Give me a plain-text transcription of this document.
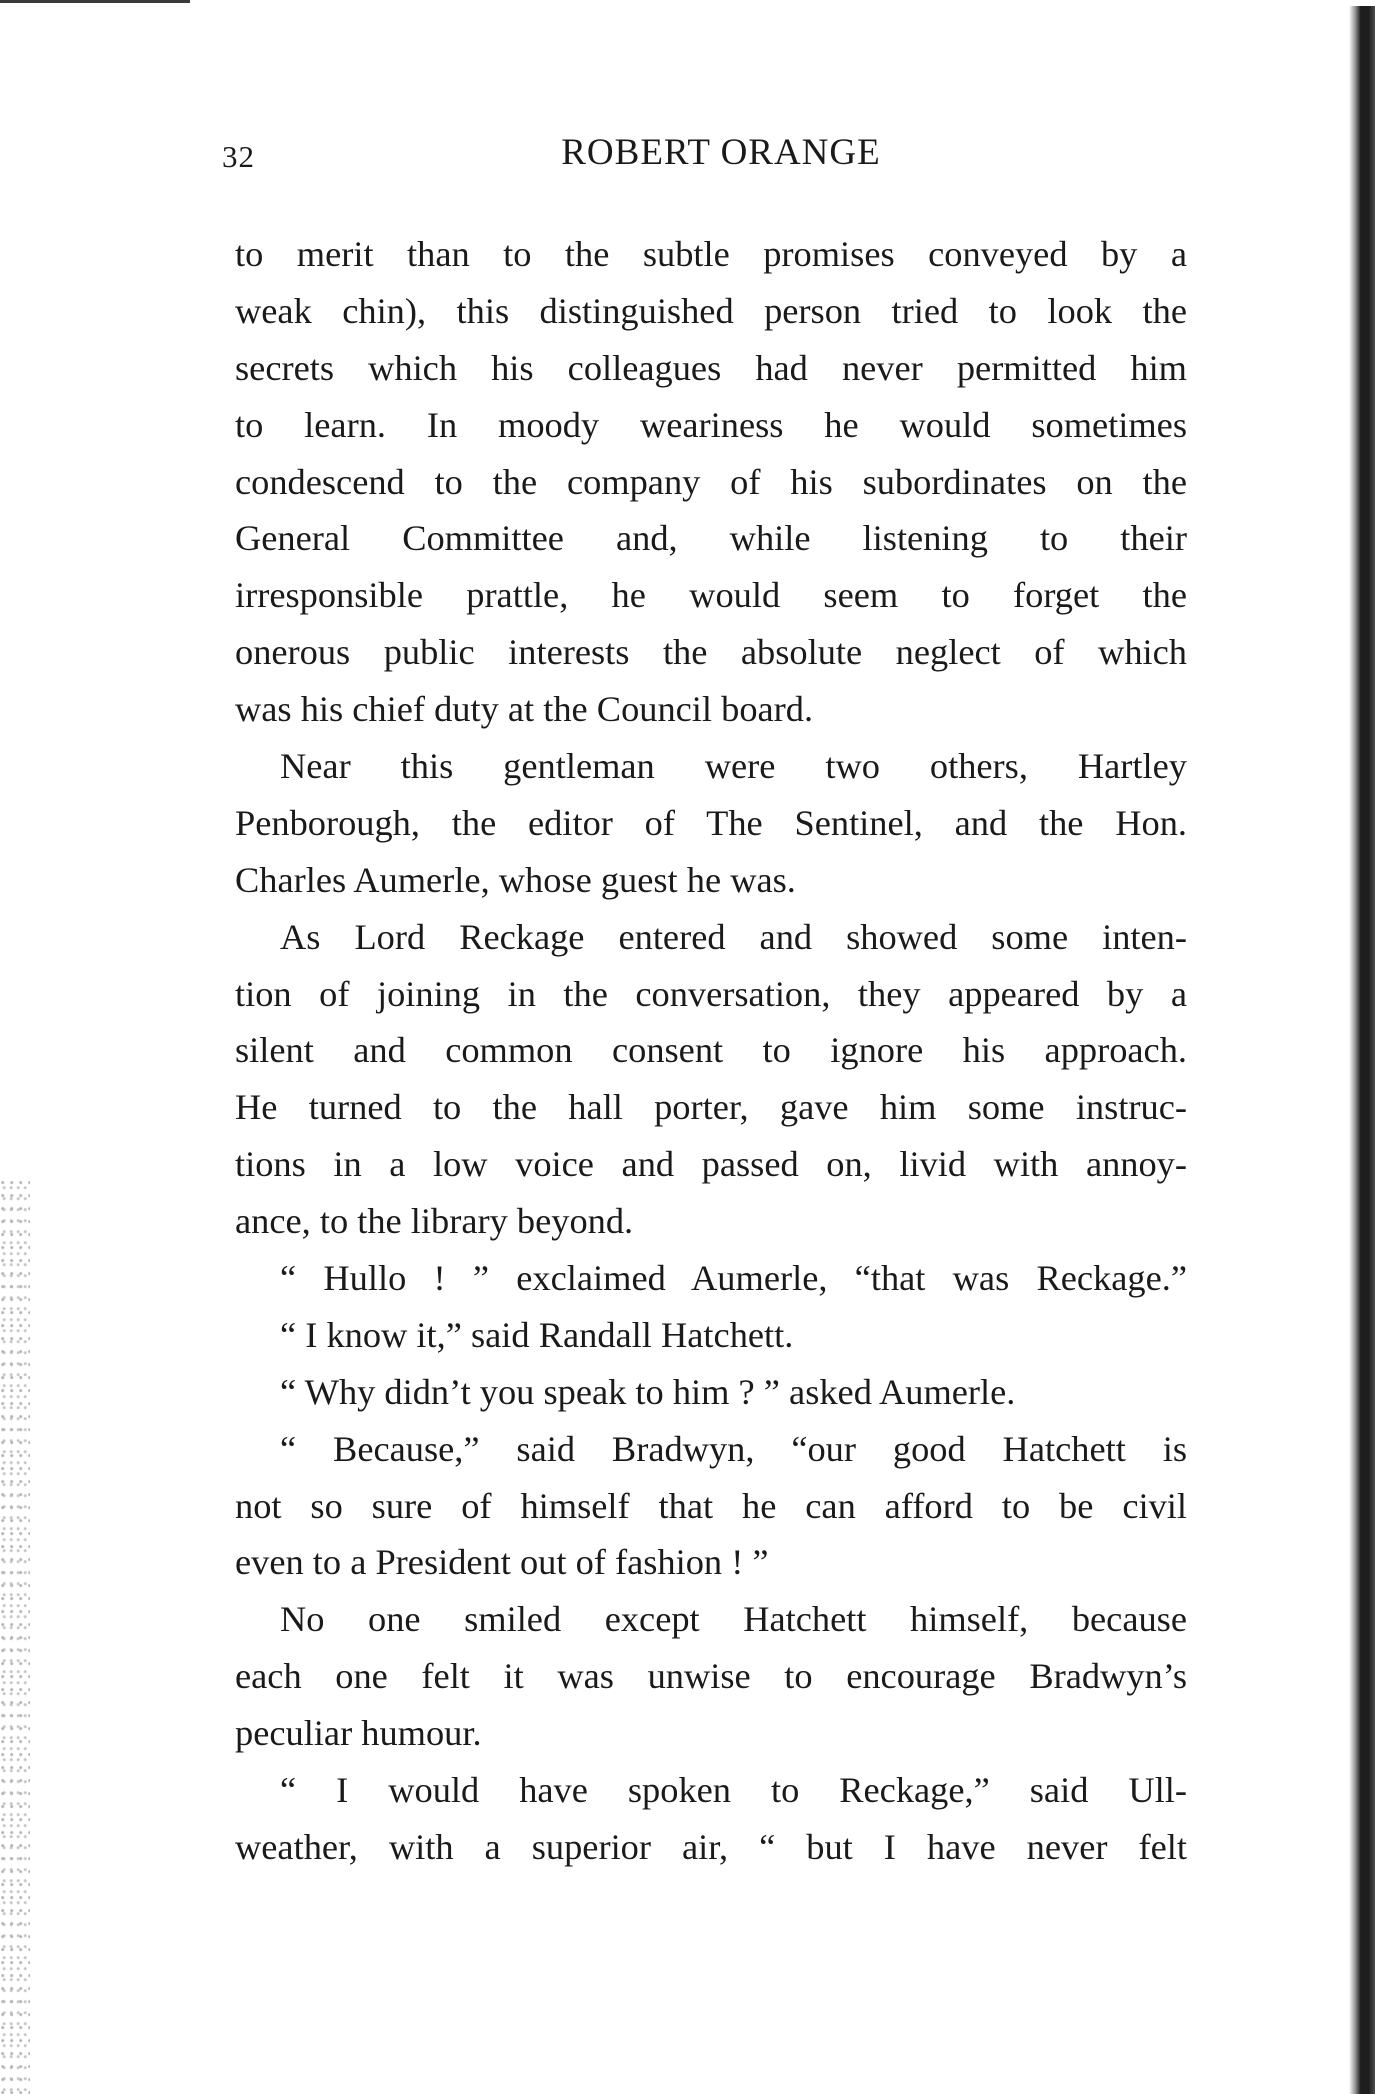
32	ROBERT ORANGE
to merit than to the subtle promises conveyed by a
weak chin), this distinguished person tried to look the
secrets which his colleagues had never permitted him
to learn. In moody weariness he would sometimes
condescend to the company of his subordinates on the
General Committee and, while listening to their
irresponsible prattle, he would seem to forget the
onerous public interests the absolute neglect of which
was his chief duty at the Council board.
Near this gentleman were two others, Hartley
Penborough, the editor of The Sentinel, and the Hon.
Charles Aumerle, whose guest he was.
As Lord Reckage entered and showed some inten-
tion of joining in the conversation, they appeared by a
silent and common consent to ignore his approach.
He turned to the hall porter, gave him some instruc-
tions in a low voice and passed on, livid with annoy-
ance, to the library beyond.
“ Hullo ! ” exclaimed Aumerle, “that was Reckage.”
“ I know it,” said Randall Hatchett.
“ Why didn’t you speak to him ? ” asked Aumerle.
“ Because,” said Bradwyn, “our good Hatchett is
not so sure of himself that he can afford to be civil
even to a President out of fashion ! ”
No one smiled except Hatchett himself, because
each one felt it was unwise to encourage Bradwyn’s
peculiar humour.
“ I would have spoken to Reckage,” said Ull-
weather, with a superior air, “ but I have never felt
